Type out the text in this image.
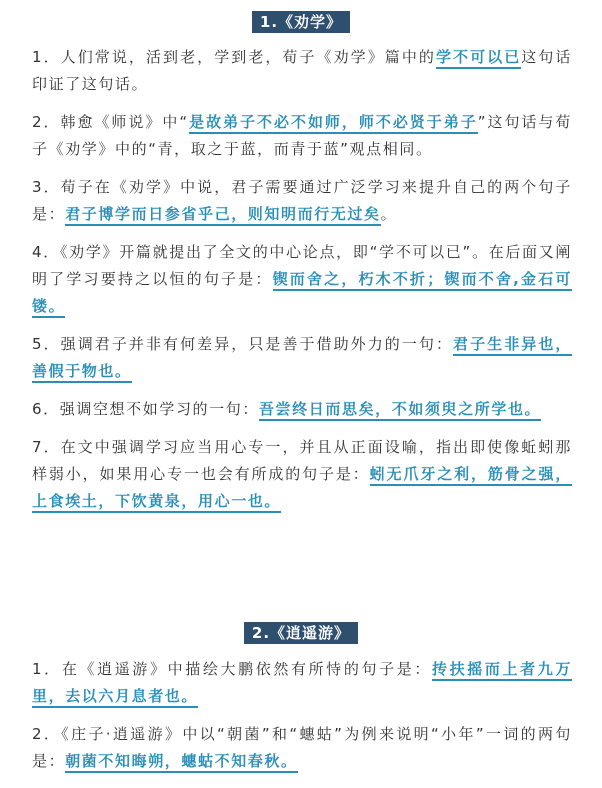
1.《劝学》

1．人们常说，活到老，学到老，荀子《劝学》篇中的学不可以已这句话印证了这句话。

2．韩愈《师说》中“是故弟子不必不如师，师不必贤于弟子”这句话与荀子《劝学》中的“青，取之于蓝，而青于蓝”观点相同。

3．荀子在《劝学》中说，君子需要通过广泛学习来提升自己的两个句子是：君子博学而日参省乎己，则知明而行无过矣。

4．《劝学》开篇就提出了全文的中心论点，即“学不可以已”。在后面又阐明了学习要持之以恒的句子是：锲而舍之，朽木不折；锲而不舍,金石可镂。

5．强调君子并非有何差异，只是善于借助外力的一句：君子生非异也，善假于物也。

6．强调空想不如学习的一句：吾尝终日而思矣，不如须臾之所学也。

7．在文中强调学习应当用心专一，并且从正面设喻，指出即使像蚯蚓那样弱小，如果用心专一也会有所成的句子是：蚓无爪牙之利，筋骨之强，上食埃土，下饮黄泉，用心一也。

2.《逍遥游》

1．在《逍遥游》中描绘大鹏依然有所恃的句子是：抟扶摇而上者九万里，去以六月息者也。

2．《庄子·逍遥游》中以“朝菌”和“蟪蛄”为例来说明“小年”一词的两句是：朝菌不知晦朔，蟪蛄不知春秋。
